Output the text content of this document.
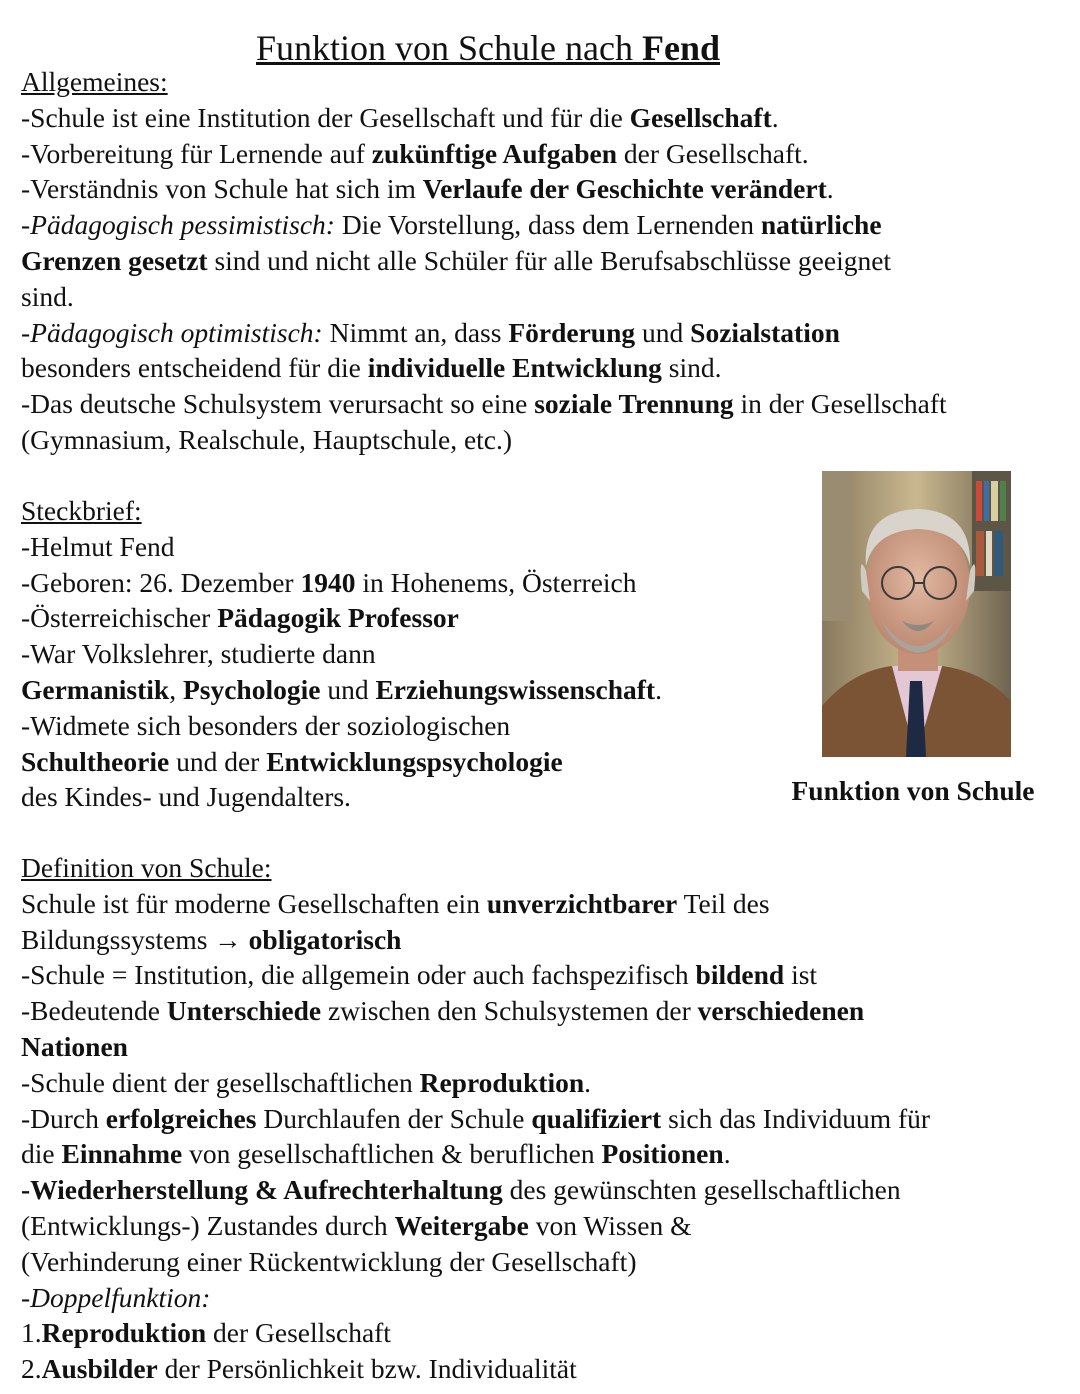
Funktion von Schule nach Fend
Allgemeines:
-Schule ist eine Institution der Gesellschaft und für die Gesellschaft.
-Vorbereitung für Lernende auf zukünftige Aufgaben der Gesellschaft.
-Verständnis von Schule hat sich im Verlaufe der Geschichte verändert.
-Pädagogisch pessimistisch: Die Vorstellung, dass dem Lernenden natürliche
Grenzen gesetzt sind und nicht alle Schüler für alle Berufsabschlüsse geeignet
sind.
-Pädagogisch optimistisch: Nimmt an, dass Förderung und Sozialstation
besonders entscheidend für die individuelle Entwicklung sind.
-Das deutsche Schulsystem verursacht so eine soziale Trennung in der Gesellschaft
(Gymnasium, Realschule, Hauptschule, etc.)
Steckbrief:
-Helmut Fend
-Geboren: 26. Dezember 1940 in Hohenems, Österreich
-Österreichischer Pädagogik Professor
-War Volkslehrer, studierte dann
Germanistik, Psychologie und Erziehungswissenschaft.
-Widmete sich besonders der soziologischen
Schultheorie und der Entwicklungspsychologie
des Kindes- und Jugendalters.	Funktion von Schule
Definition von Schule:
Schule ist für moderne Gesellschaften ein unverzichtbarer Teil des
Bildungssystems → obligatorisch
-Schule = Institution, die allgemein oder auch fachspezifisch bildend ist
-Bedeutende Unterschiede zwischen den Schulsystemen der verschiedenen
Nationen
-Schule dient der gesellschaftlichen Reproduktion.
-Durch erfolgreiches Durchlaufen der Schule qualifiziert sich das Individuum für
die Einnahme von gesellschaftlichen & beruflichen Positionen.
-Wiederherstellung & Aufrechterhaltung des gewünschten gesellschaftlichen
(Entwicklungs-) Zustandes durch Weitergabe von Wissen &
(Verhinderung einer Rückentwicklung der Gesellschaft)
-Doppelfunktion:
1.Reproduktion der Gesellschaft
2.Ausbilder der Persönlichkeit bzw. Individualität
